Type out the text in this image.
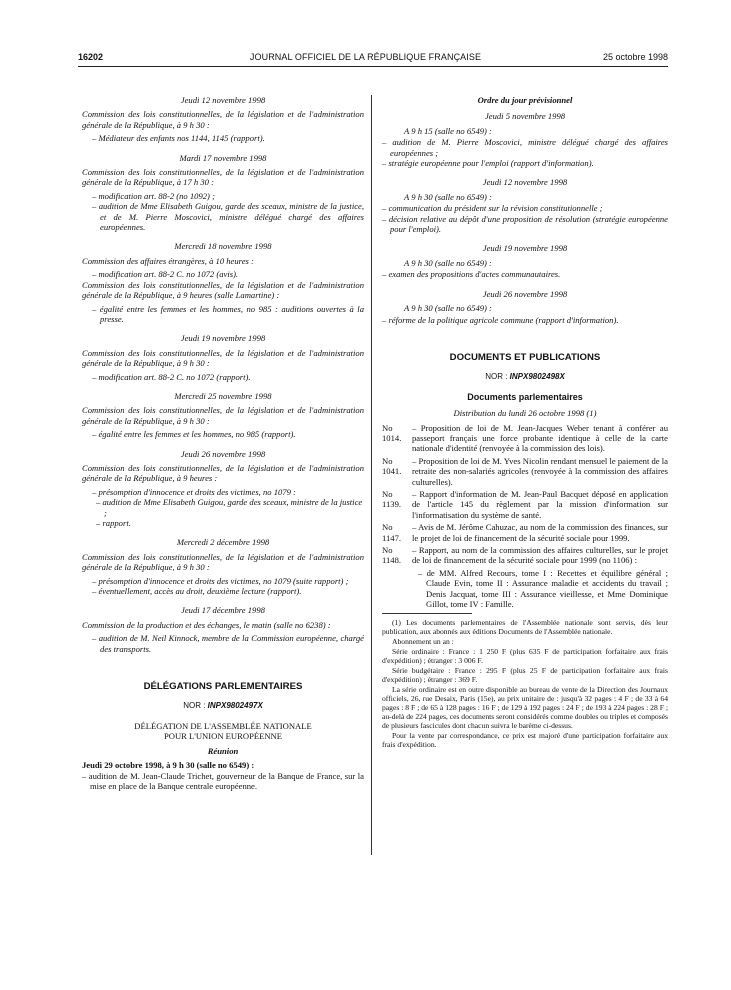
16202	JOURNAL OFFICIEL DE LA RÉPUBLIQUE FRANÇAISE	25 octobre 1998

Jeudi 12 novembre 1998

Commission des lois constitutionnelles, de la législation et de l'administration générale de la République, à 9 h 30 :

– Médiateur des enfants nos 1144, 1145 (rapport).

Mardi 17 novembre 1998

Commission des lois constitutionnelles, de la législation et de l'administration générale de la République, à 17 h 30 :

– modification art. 88-2 (no 1092) ;

– audition de Mme Elisabeth Guigou, garde des sceaux, ministre de la justice, et de M. Pierre Moscovici, ministre délégué chargé des affaires européennes.

Mercredi 18 novembre 1998

Commission des affaires étrangères, à 10 heures :

– modification art. 88-2 C. no 1072 (avis).

Commission des lois constitutionnelles, de la législation et de l'administration générale de la République, à 9 heures (salle Lamartine) :

– égalité entre les femmes et les hommes, no 985 : auditions ouvertes à la presse.

Jeudi 19 novembre 1998

Commission des lois constitutionnelles, de la législation et de l'administration générale de la République, à 9 h 30 :

– modification art. 88-2 C. no 1072 (rapport).

Mercredi 25 novembre 1998

Commission des lois constitutionnelles, de la législation et de l'administration générale de la République, à 9 h 30 :

– égalité entre les femmes et les hommes, no 985 (rapport).

Jeudi 26 novembre 1998

Commission des lois constitutionnelles, de la législation et de l'administration générale de la République, à 9 heures :

– présomption d'innocence et droits des victimes, no 1079 :

– audition de Mme Elisabeth Guigou, garde des sceaux, ministre de la justice ;

– rapport.

Mercredi 2 décembre 1998

Commission des lois constitutionnelles, de la législation et de l'administration générale de la République, à 9 h 30 :

– présomption d'innocence et droits des victimes, no 1079 (suite rapport) ;

– éventuellement, accès au droit, deuxième lecture (rapport).

Jeudi 17 décembre 1998

Commission de la production et des échanges, le matin (salle no 6238) :

– audition de M. Neil Kinnock, membre de la Commission européenne, chargé des transports.

DÉLÉGATIONS PARLEMENTAIRES

NOR : INPX9802497X

DÉLÉGATION DE L'ASSEMBLÉE NATIONALE

POUR L'UNION EUROPÉENNE

Réunion

Jeudi 29 octobre 1998, à 9 h 30 (salle no 6549) :

– audition de M. Jean-Claude Trichet, gouverneur de la Banque de France, sur la mise en place de la Banque centrale européenne.

Ordre du jour prévisionnel

Jeudi 5 novembre 1998

A 9 h 15 (salle no 6549) :

– audition de M. Pierre Moscovici, ministre délégué chargé des affaires européennes ;

– stratégie européenne pour l'emploi (rapport d'information).

Jeudi 12 novembre 1998

A 9 h 30 (salle no 6549) :

– communication du président sur la révision constitutionnelle ;

– décision relative au dépôt d'une proposition de résolution (stratégie européenne pour l'emploi).

Jeudi 19 novembre 1998

A 9 h 30 (salle no 6549) :

– examen des propositions d'actes communautaires.

Jeudi 26 novembre 1998

A 9 h 30 (salle no 6549) :

– réforme de la politique agricole commune (rapport d'information).

DOCUMENTS ET PUBLICATIONS

NOR : INPX9802498X

Documents parlementaires

Distribution du lundi 26 octobre 1998 (1)

No 1014.
– Proposition de loi de M. Jean-Jacques Weber tenant à conférer au passeport français une force probante identique à celle de la carte nationale d'identité (renvoyée à la commission des lois).
No 1041.
– Proposition de loi de M. Yves Nicolin rendant mensuel le paiement de la retraite des non-salariés agricoles (renvoyée à la commission des affaires culturelles).
No 1139.
– Rapport d'information de M. Jean-Paul Bacquet déposé en application de l'article 145 du règlement par la mission d'information sur l'informatisation du système de santé.
No 1147.
– Avis de M. Jérôme Cahuzac, au nom de la commission des finances, sur le projet de loi de financement de la sécurité sociale pour 1999.
No 1148.
– Rapport, au nom de la commission des affaires culturelles, sur le projet de loi de financement de la sécurité sociale pour 1999 (no 1106) :

– de MM. Alfred Recours, tome I : Recettes et équilibre général ; Claude Evin, tome II : Assurance maladie et accidents du travail ; Denis Jacquat, tome III : Assurance vieillesse, et Mme Dominique Gillot, tome IV : Famille.

(1) Les documents parlementaires de l'Assemblée nationale sont servis, dès leur publication, aux abonnés aux éditions Documents de l'Assemblée nationale.

Abonnement un an :

Série ordinaire : France : 1 250 F (plus 635 F de participation forfaitaire aux frais d'expédition) ; étranger : 3 006 F.

Série budgétaire : France : 295 F (plus 25 F de participation forfaitaire aux frais d'expédition) ; étranger : 369 F.

La série ordinaire est en outre disponible au bureau de vente de la Direction des Journaux officiels, 26, rue Desaix, Paris (15e), au prix unitaire de : jusqu'à 32 pages : 4 F ; de 33 à 64 pages : 8 F ; de 65 à 128 pages : 16 F ; de 129 à 192 pages : 24 F ; de 193 à 224 pages : 28 F ; au-delà de 224 pages, ces documents seront considérés comme doubles ou triples et composés de plusieurs fascicules dont chacun suivra le barème ci-dessus.

Pour la vente par correspondance, ce prix est majoré d'une participation forfaitaire aux frais d'expédition.
